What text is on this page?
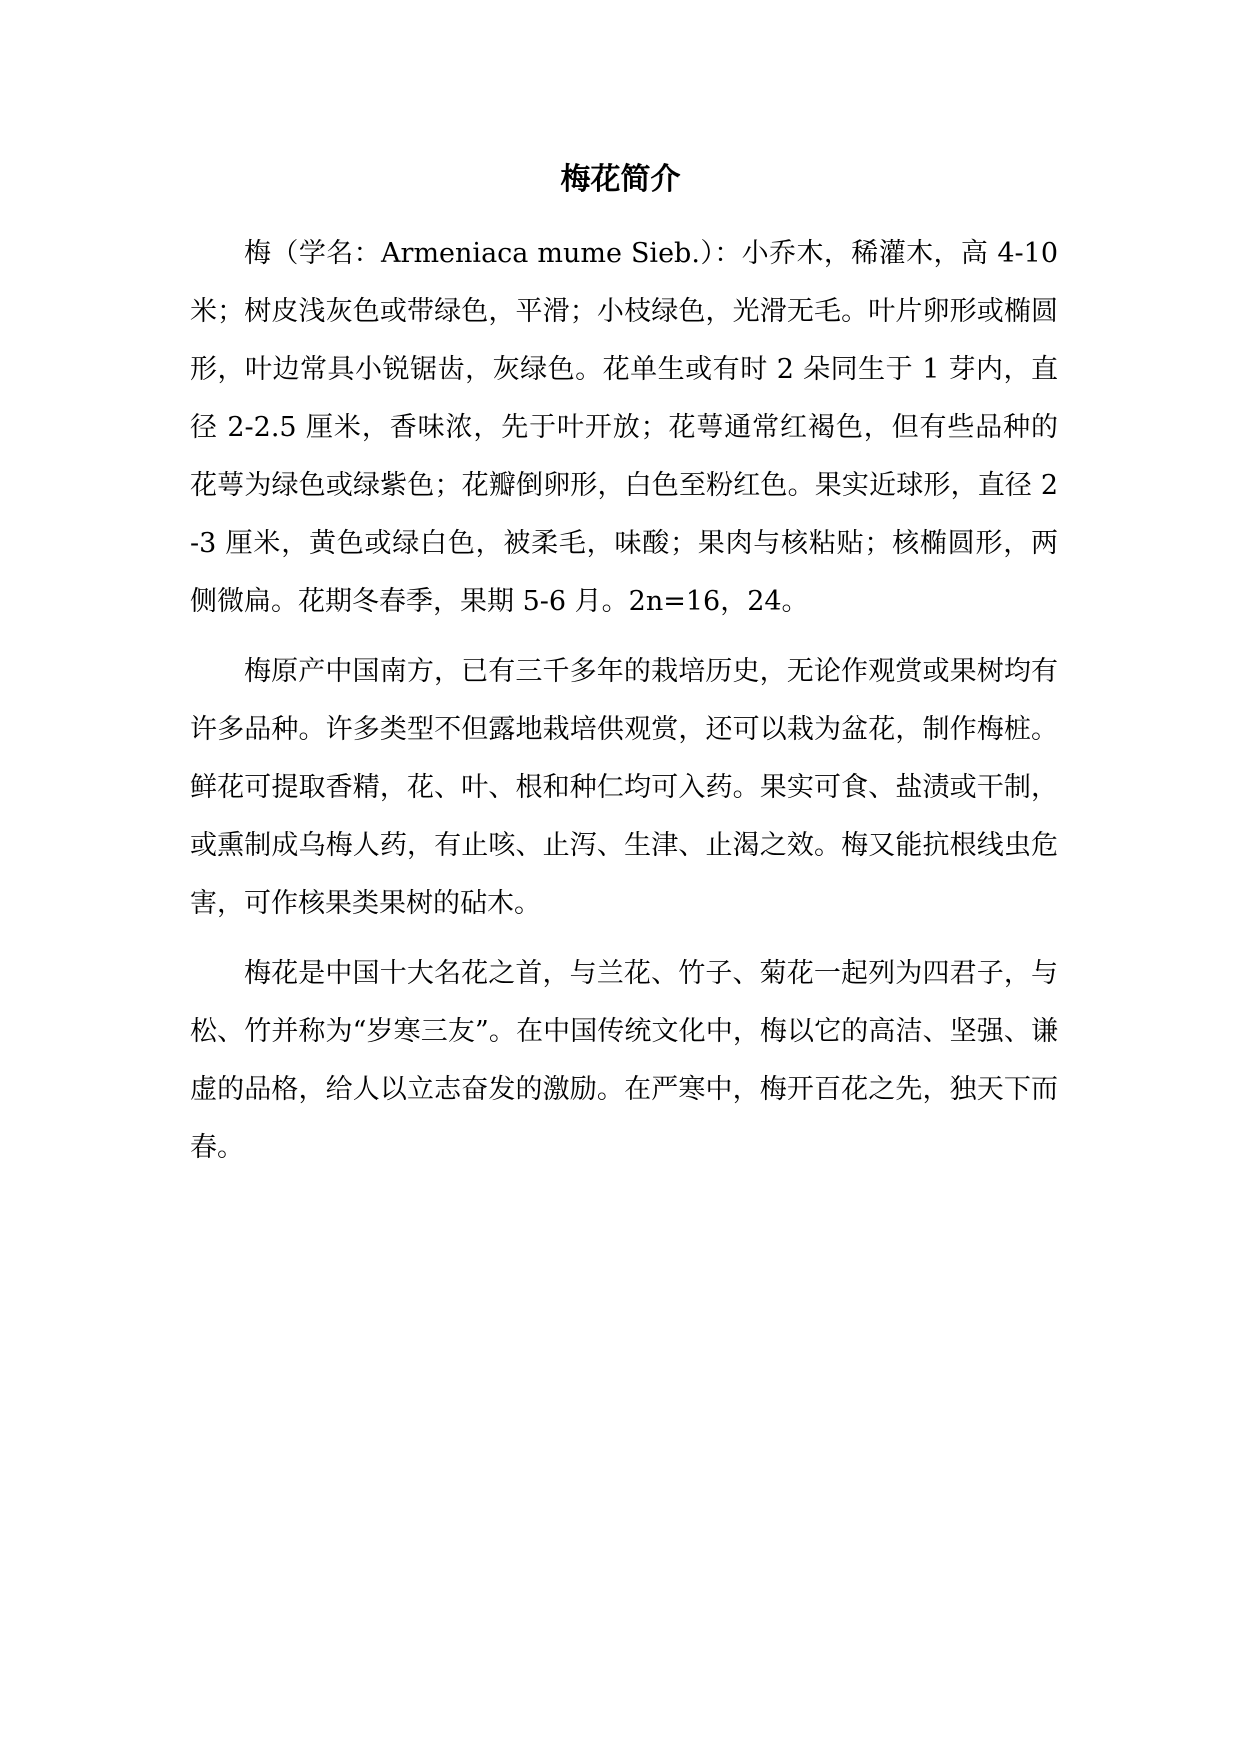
梅花简介

梅（学名：Armeniaca mume Sieb.）：小乔木，稀灌木，高 4-10 米；树皮浅灰色或带绿色，平滑；小枝绿色，光滑无毛。叶片卵形或椭圆形，叶边常具小锐锯齿，灰绿色。花单生或有时 2 朵同生于 1 芽内，直径 2-2.5 厘米，香味浓，先于叶开放；花萼通常红褐色，但有些品种的花萼为绿色或绿紫色；花瓣倒卵形，白色至粉红色。果实近球形，直径 2-3 厘米，黄色或绿白色，被柔毛，味酸；果肉与核粘贴；核椭圆形，两侧微扁。花期冬春季，果期 5-6 月。2n=16，24。

梅原产中国南方，已有三千多年的栽培历史，无论作观赏或果树均有许多品种。许多类型不但露地栽培供观赏，还可以栽为盆花，制作梅桩。鲜花可提取香精，花、叶、根和种仁均可入药。果实可食、盐渍或干制，或熏制成乌梅人药，有止咳、止泻、生津、止渴之效。梅又能抗根线虫危害，可作核果类果树的砧木。

梅花是中国十大名花之首，与兰花、竹子、菊花一起列为四君子，与松、竹并称为“岁寒三友”。在中国传统文化中，梅以它的高洁、坚强、谦虚的品格，给人以立志奋发的激励。在严寒中，梅开百花之先，独天下而春。
